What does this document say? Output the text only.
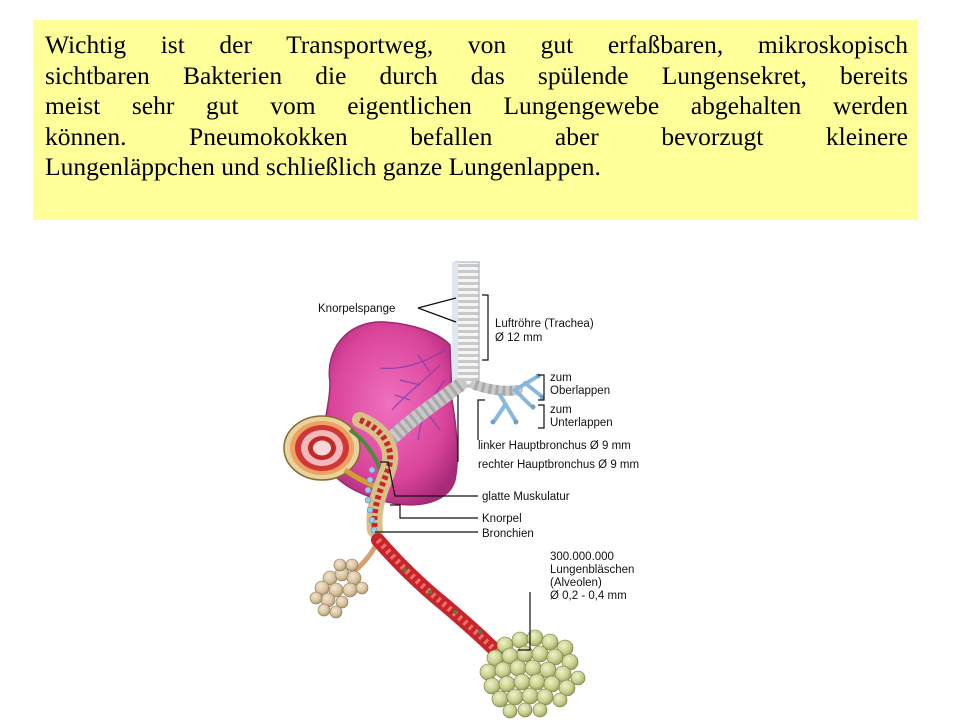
Wichtig ist der Transportweg, von gut erfaßbaren, mikroskopisch
sichtbaren Bakterien die durch das spülende Lungensekret, bereits
meist sehr gut vom eigentlichen Lungengewebe abgehalten werden
können. Pneumokokken befallen aber bevorzugt kleinere
Lungenläppchen und schließlich ganze Lungenlappen.
Knorpelspange
Luftröhre (Trachea)
Ø 12 mm
zum
Oberlappen
zum
Unterlappen
linker Hauptbronchus Ø 9 mm
rechter Hauptbronchus Ø 9 mm
glatte Muskulatur
Knorpel
Bronchien
300.000.000
Lungenbläschen
(Alveolen)
Ø 0,2 - 0,4 mm
